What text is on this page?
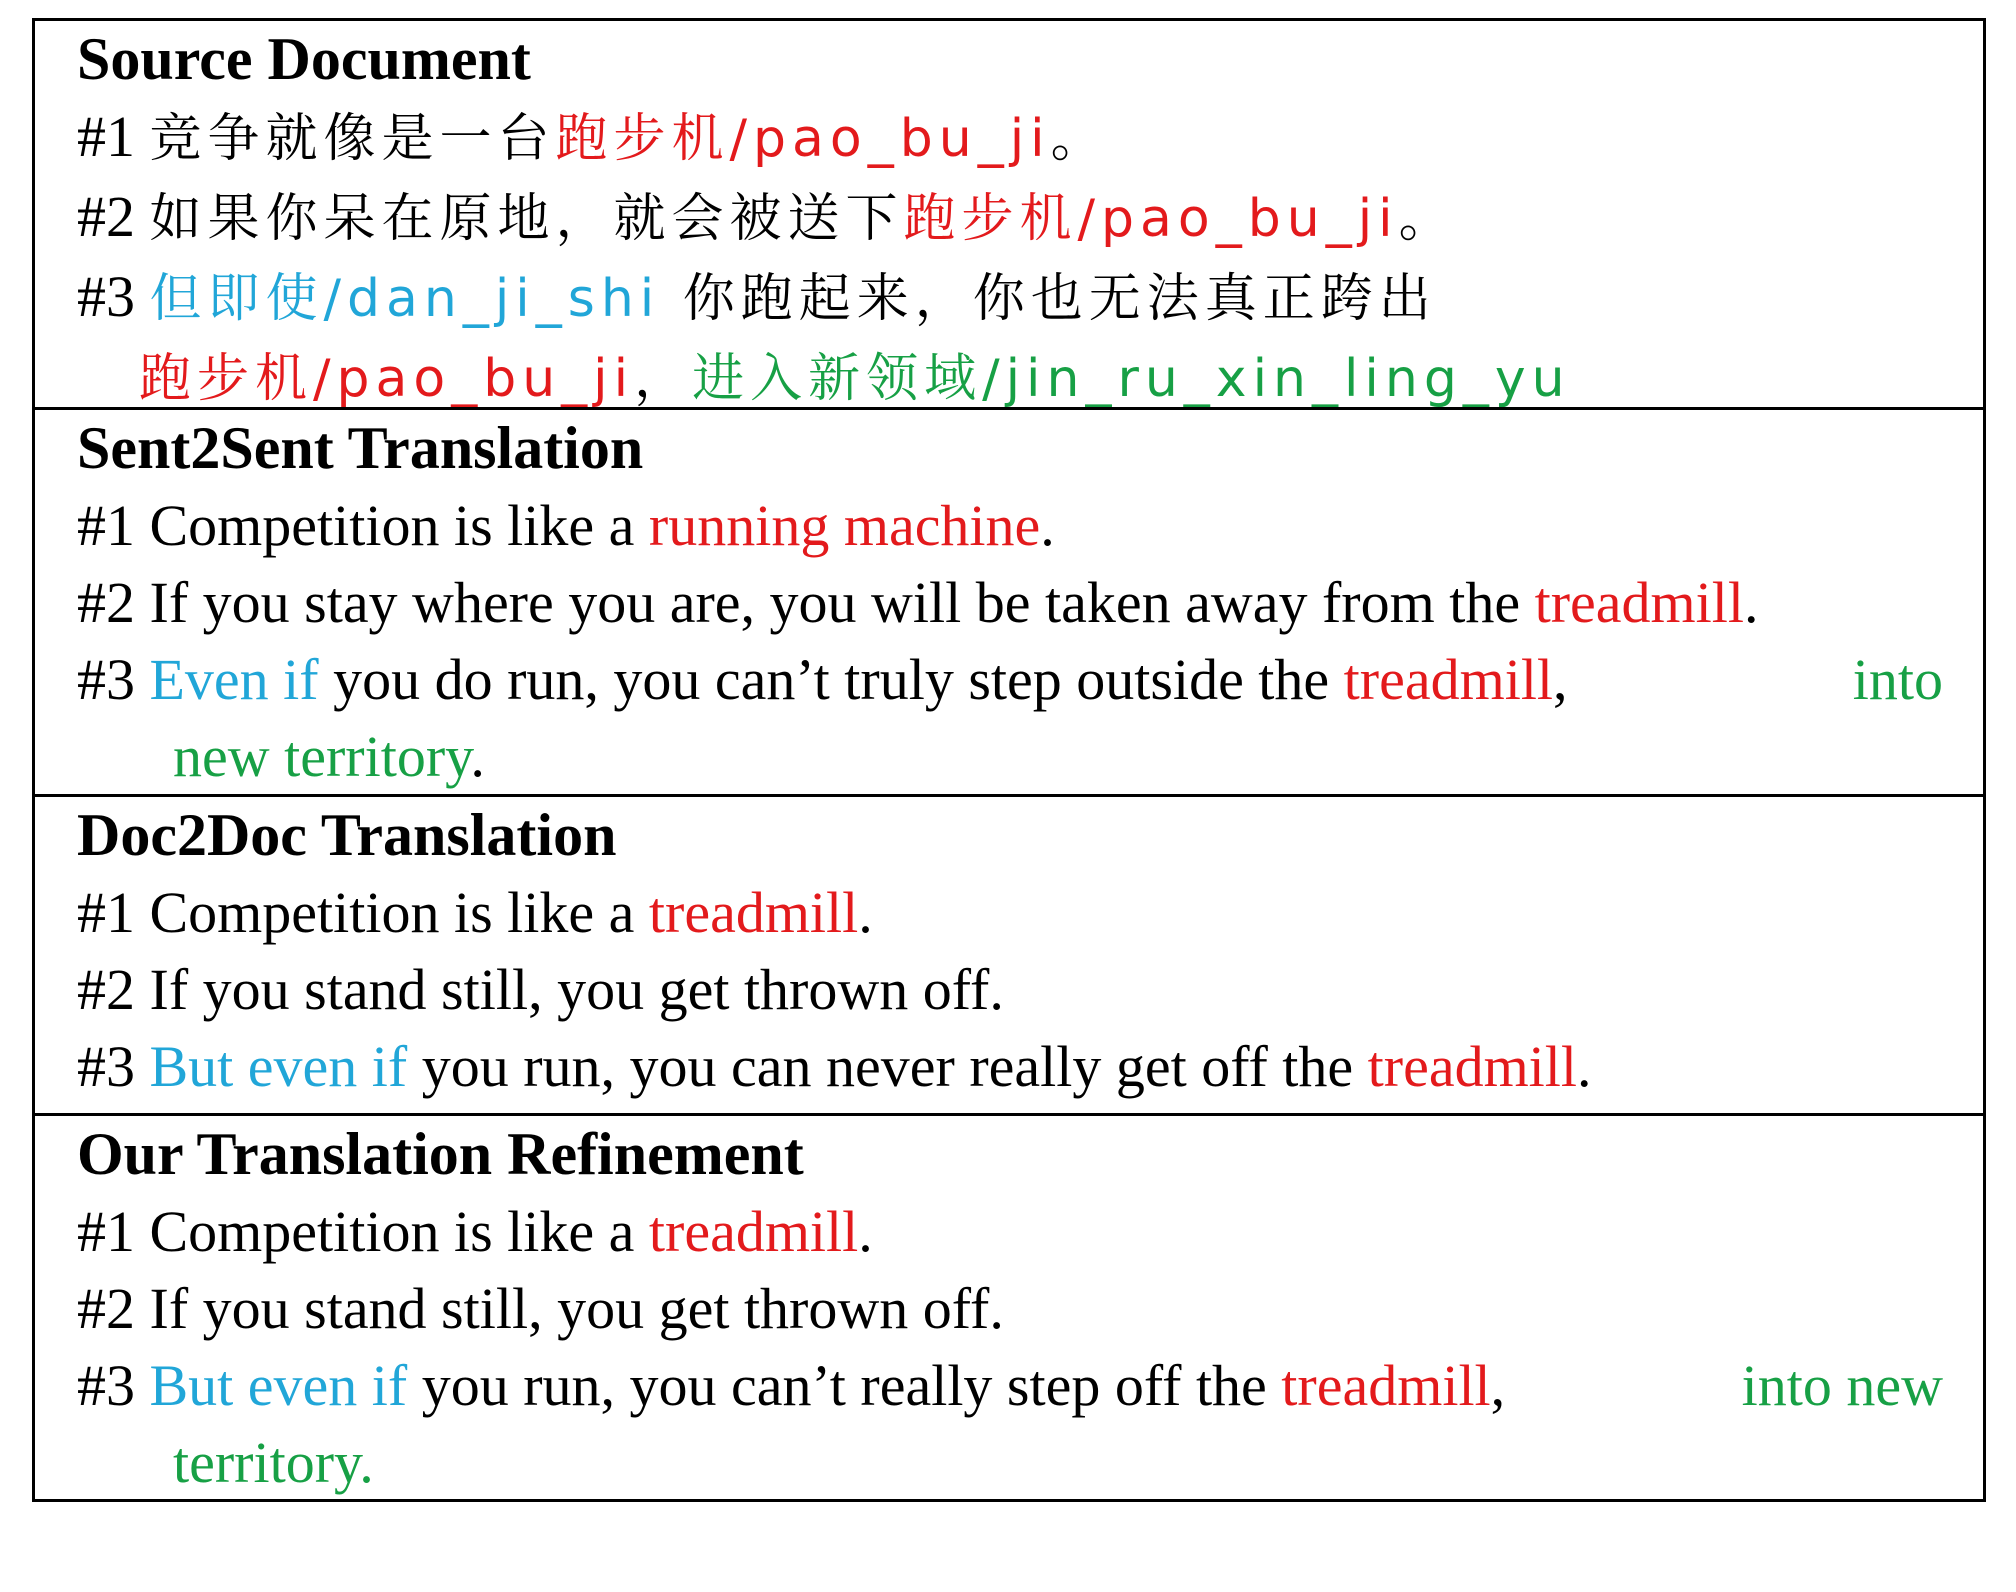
Source Document
#1 竞争就像是一台跑步机/pao_bu_ji。
#2 如果你呆在原地，就会被送下跑步机/pao_bu_ji。
#3 但即使/dan_ji_shi 你跑起来，你也无法真正跨出
跑步机/pao_bu_ji，进入新领域/jin_ru_xin_ling_yu
Sent2Sent Translation
#1 Competition is like a running machine.
#2 If you stay where you are, you will be taken away from the treadmill.
#3 Even if you do run, you can’t truly step outside the treadmill,	into
new territory.
Doc2Doc Translation
#1 Competition is like a treadmill.
#2 If you stand still, you get thrown off.
#3 But even if you run, you can never really get off the treadmill.
Our Translation Refinement
#1 Competition is like a treadmill.
#2 If you stand still, you get thrown off.
#3 But even if you run, you can’t really step off the treadmill,	into new
territory.
